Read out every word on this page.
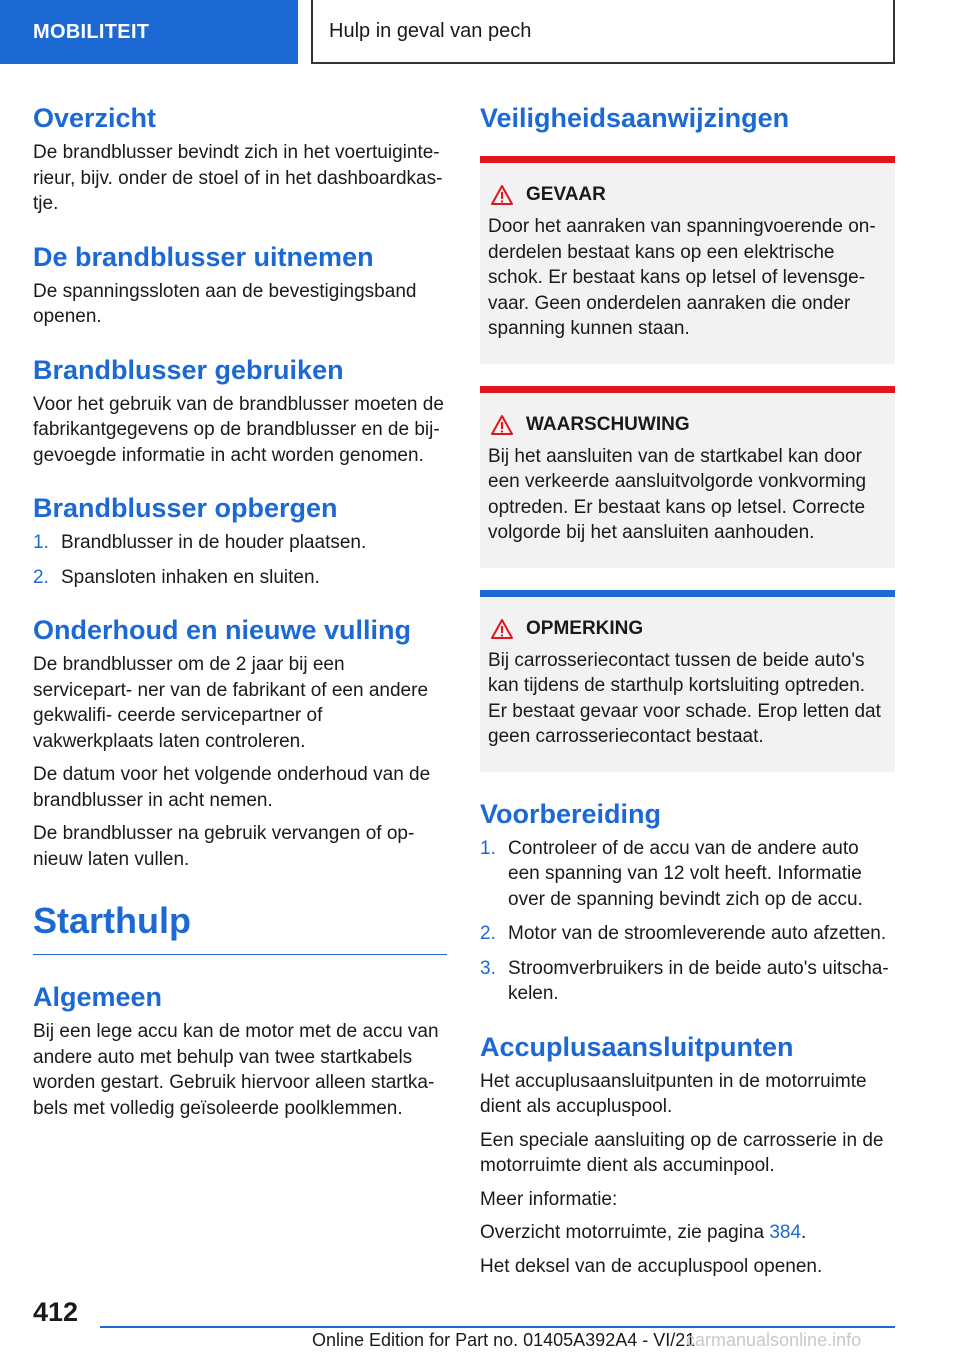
MOBILITEIT	Hulp in geval van pech
Overzicht

De brandblusser bevindt zich in het voertuiginte- rieur, bijv. onder de stoel of in het dashboardkas- tje.

De brandblusser uitnemen

De spanningssloten aan de bevestigingsband openen.

Brandblusser gebruiken

Voor het gebruik van de brandblusser moeten de fabrikantgegevens op de brandblusser en de bij- gevoegde informatie in acht worden genomen.

Brandblusser opbergen
1. Brandblusser in de houder plaatsen.
2. Spansloten inhaken en sluiten.
Onderhoud en nieuwe vulling

De brandblusser om de 2 jaar bij een servicepart- ner van de fabrikant of een andere gekwalifi- ceerde servicepartner of vakwerkplaats laten controleren.

De datum voor het volgende onderhoud van de brandblusser in acht nemen.

De brandblusser na gebruik vervangen of op- nieuw laten vullen.

Starthulp
Algemeen

Bij een lege accu kan de motor met de accu van andere auto met behulp van twee startkabels worden gestart. Gebruik hiervoor alleen startka- bels met volledig geïsoleerde poolklemmen.

Veiligheidsaanwijzingen
GEVAAR

Door het aanraken van spanningvoerende on- derdelen bestaat kans op een elektrische schok. Er bestaat kans op letsel of levensge- vaar. Geen onderdelen aanraken die onder spanning kunnen staan.

WAARSCHUWING

Bij het aansluiten van de startkabel kan door een verkeerde aansluitvolgorde vonkvorming optreden. Er bestaat kans op letsel. Correcte volgorde bij het aansluiten aanhouden.

OPMERKING

Bij carrosseriecontact tussen de beide auto's kan tijdens de starthulp kortsluiting optreden. Er bestaat gevaar voor schade. Erop letten dat geen carrosseriecontact bestaat.

Voorbereiding
1. Controleer of de accu van de andere auto een spanning van 12 volt heeft. Informatie over de spanning bevindt zich op de accu.
2. Motor van de stroomleverende auto afzetten.
3. Stroomverbruikers in de beide auto's uitscha- kelen.
Accuplusaansluitpunten

Het accuplusaansluitpunten in de motorruimte dient als accupluspool.

Een speciale aansluiting op de carrosserie in de motorruimte dient als accuminpool.

Meer informatie:

Overzicht motorruimte, zie pagina 384.

Het deksel van de accupluspool openen.

412
Online Edition for Part no. 01405A392A4 - VI/21
carmanualsonline.info
